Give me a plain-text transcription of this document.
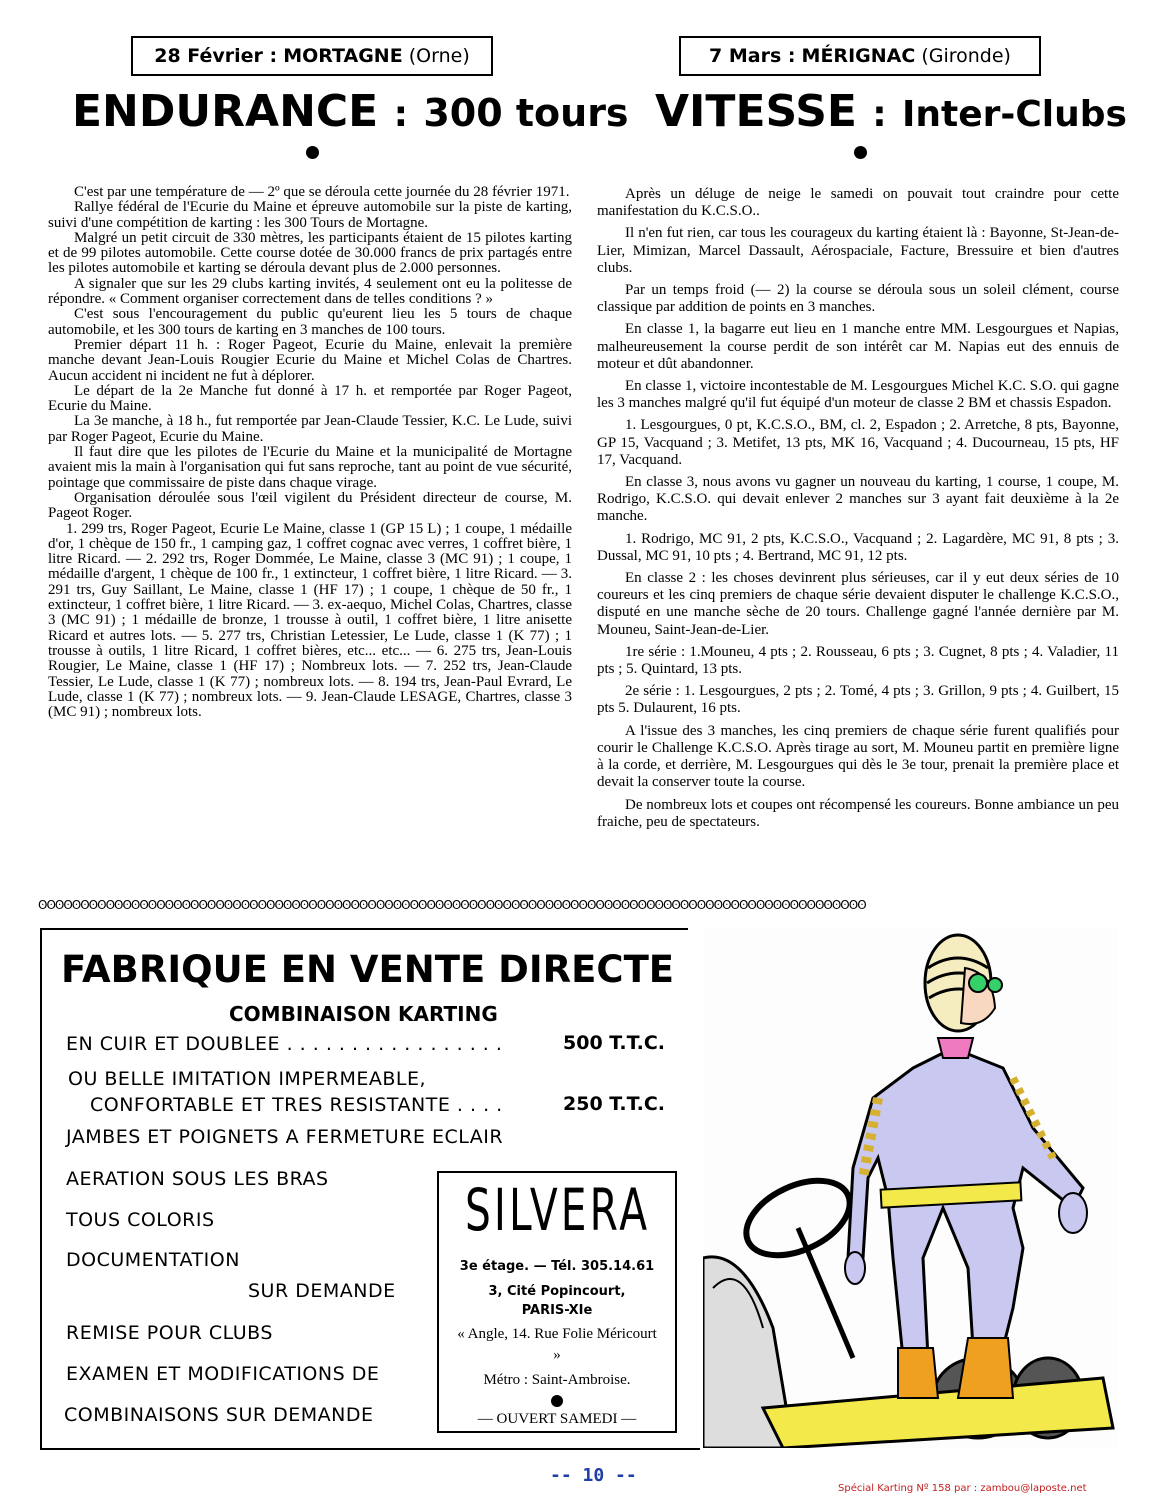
28 Février :
MORTAGNE
(Orne)
ENDURANCE : 300 tours
7 Mars :
MÉRIGNAC
(Gironde)
VITESSE : Inter-Clubs

C'est par une température de — 2º que se déroula cette journée du 28 février 1971.

Rallye fédéral de l'Ecurie du Maine et épreuve automobile sur la piste de karting, suivi d'une compétition de karting : les 300 Tours de Mortagne.

Malgré un petit circuit de 330 mètres, les participants étaient de 15 pilotes karting et de 99 pilotes automobile. Cette course dotée de 30.000 francs de prix partagés entre les pilotes automobile et karting se déroula devant plus de 2.000 personnes.

A signaler que sur les 29 clubs karting invités, 4 seulement ont eu la politesse de répondre. « Comment organiser correctement dans de telles conditions ? »

C'est sous l'encouragement du public qu'eurent lieu les 5 tours de chaque automobile, et les 300 tours de karting en 3 manches de 100 tours.

Premier départ 11 h. : Roger Pageot, Ecurie du Maine, enlevait la première manche devant Jean-Louis Rougier Ecurie du Maine et Michel Colas de Chartres. Aucun accident ni incident ne fut à déplorer.

Le départ de la 2e Manche fut donné à 17 h. et remportée par Roger Pageot, Ecurie du Maine.

La 3e manche, à 18 h., fut remportée par Jean-Claude Tessier, K.C. Le Lude, suivi par Roger Pageot, Ecurie du Maine.

Il faut dire que les pilotes de l'Ecurie du Maine et la municipalité de Mortagne avaient mis la main à l'organisation qui fut sans reproche, tant au point de vue sécurité, pointage que commissaire de piste dans chaque virage.

Organisation déroulée sous l'œil vigilent du Président directeur de course, M. Pageot Roger.

1. 299 trs, Roger Pageot, Ecurie Le Maine, classe 1 (GP 15 L) ; 1 coupe, 1 médaille d'or, 1 chèque de 150 fr., 1 camping gaz, 1 coffret cognac avec verres, 1 coffret bière, 1 litre Ricard. — 2. 292 trs, Roger Dommée, Le Maine, classe 3 (MC 91) ; 1 coupe, 1 médaille d'argent, 1 chèque de 100 fr., 1 extincteur, 1 coffret bière, 1 litre Ricard. — 3. 291 trs, Guy Saillant, Le Maine, classe 1 (HF 17) ; 1 coupe, 1 chèque de 50 fr., 1 extincteur, 1 coffret bière, 1 litre Ricard. — 3. ex-aequo, Michel Colas, Chartres, classe 3 (MC 91) ; 1 médaille de bronze, 1 trousse à outil, 1 coffret bière, 1 litre anisette Ricard et autres lots. — 5. 277 trs, Christian Letessier, Le Lude, classe 1 (K 77) ; 1 trousse à outils, 1 litre Ricard, 1 coffret bières, etc... etc... — 6. 275 trs, Jean-Louis Rougier, Le Maine, classe 1 (HF 17) ; Nombreux lots. — 7. 252 trs, Jean-Claude Tessier, Le Lude, classe 1 (K 77) ; nombreux lots. — 8. 194 trs, Jean-Paul Evrard, Le Lude, classe 1 (K 77) ; nombreux lots. — 9. Jean-Claude LESAGE, Chartres, classe 3 (MC 91) ; nombreux lots.

Après un déluge de neige le samedi on pouvait tout craindre pour cette manifestation du K.C.S.O..

Il n'en fut rien, car tous les courageux du karting étaient là : Bayonne, St-Jean-de-Lier, Mimizan, Marcel Dassault, Aérospaciale, Facture, Bressuire et bien d'autres clubs.

Par un temps froid (— 2) la course se déroula sous un soleil clément, course classique par addition de points en 3 manches.

En classe 1, la bagarre eut lieu en 1 manche entre MM. Lesgourgues et Napias, malheureusement la course perdit de son intérêt car M. Napias eut des ennuis de moteur et dût abandonner.

En classe 1, victoire incontestable de M. Lesgourgues Michel K.C. S.O. qui gagne les 3 manches malgré qu'il fut équipé d'un moteur de classe 2 BM et chassis Espadon.

1. Lesgourgues, 0 pt, K.C.S.O., BM, cl. 2, Espadon ; 2. Arretche, 8 pts, Bayonne, GP 15, Vacquand ; 3. Metifet, 13 pts, MK 16, Vacquand ; 4. Ducourneau, 15 pts, HF 17, Vacquand.

En classe 3, nous avons vu gagner un nouveau du karting, 1 course, 1 coupe, M. Rodrigo, K.C.S.O. qui devait enlever 2 manches sur 3 ayant fait deuxième à la 2e manche.

1. Rodrigo, MC 91, 2 pts, K.C.S.O., Vacquand ; 2. Lagardère, MC 91, 8 pts ; 3. Dussal, MC 91, 10 pts ; 4. Bertrand, MC 91, 12 pts.

En classe 2 : les choses devinrent plus sérieuses, car il y eut deux séries de 10 coureurs et les cinq premiers de chaque série devaient disputer le challenge K.C.S.O., disputé en une manche sèche de 20 tours. Challenge gagné l'année dernière par M. Mouneu, Saint-Jean-de-Lier.

1re série : 1.Mouneu, 4 pts ; 2. Rousseau, 6 pts ; 3. Cugnet, 8 pts ; 4. Valadier, 11 pts ; 5. Quintard, 13 pts.

2e série : 1. Lesgourgues, 2 pts ; 2. Tomé, 4 pts ; 3. Grillon, 9 pts ; 4. Guilbert, 15 pts 5. Dulaurent, 16 pts.

A l'issue des 3 manches, les cinq premiers de chaque série furent qualifiés pour courir le Challenge K.C.S.O. Après tirage au sort, M. Mouneu partit en première ligne à la corde, et derrière, M. Lesgourgues qui dès le 3e tour, prenait la première place et devait la conserver toute la course.

De nombreux lots et coupes ont récompensé les coureurs. Bonne ambiance un peu fraiche, peu de spectateurs.

ʘʘʘʘʘʘʘʘʘʘʘʘʘʘʘʘʘʘʘʘʘʘʘʘʘʘʘʘʘʘʘʘʘʘʘʘʘʘʘʘʘʘʘʘʘʘʘʘʘʘʘʘʘʘʘʘʘʘʘʘʘʘʘʘʘʘʘʘʘʘʘʘʘʘʘʘʘʘʘʘʘʘʘʘʘʘʘʘʘʘʘʘʘʘʘʘʘʘ
FABRIQUE EN VENTE DIRECTE
COMBINAISON KARTING
EN CUIR ET DOUBLEE . . . . . . . . . . . . . . . . .	500 T.T.C.
OU BELLE IMITATION IMPERMEABLE,
CONFORTABLE ET TRES RESISTANTE . . . .	250 T.T.C.
JAMBES ET POIGNETS A FERMETURE ECLAIR
AERATION SOUS LES BRAS
TOUS COLORIS
DOCUMENTATION
SUR DEMANDE
REMISE POUR CLUBS
EXAMEN ET MODIFICATIONS DE
COMBINAISONS SUR DEMANDE
SILVERA
3e étage. — Tél. 305.14.61
3, Cité Popincourt,
PARIS-XIe
« Angle, 14. Rue Folie Méricourt »
Métro : Saint-Ambroise.
— OUVERT SAMEDI —
-- 10 --
Spécial Karting Nº 158 par : zambou@laposte.net
